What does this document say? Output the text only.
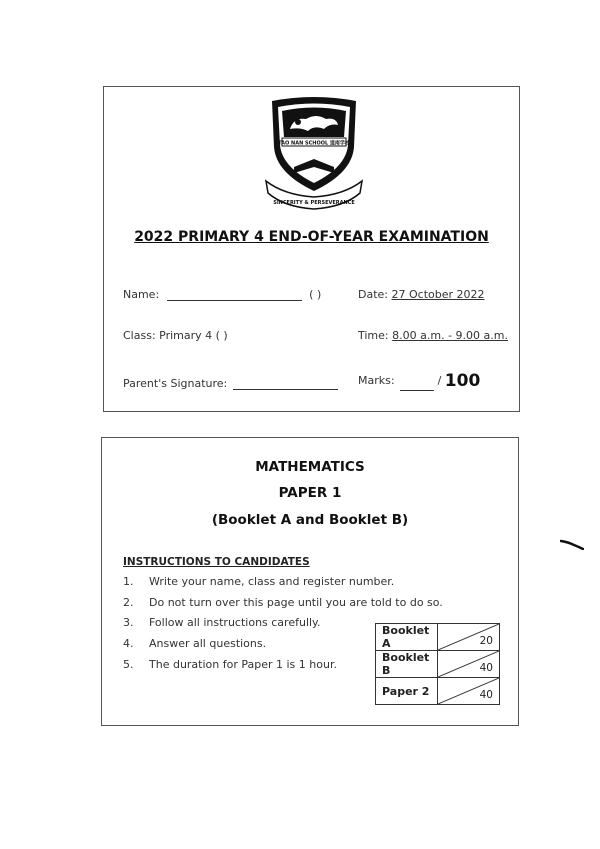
TAO NAN SCHOOL 道南学校
SINCERITY & PERSEVERANCE
2022 PRIMARY 4 END-OF-YEAR EXAMINATION
Name:	( )	Date: 27 October 2022
Class: Primary 4 ( )	Time: 8.00 a.m. - 9.00 a.m.
Parent's Signature:	Marks:	/ 100
MATHEMATICS
PAPER 1
(Booklet A and Booklet B)
INSTRUCTIONS TO CANDIDATES
1. Write your name, class and register number.
2. Do not turn over this page until you are told to do so.
3. Follow all instructions carefully.
4. Answer all questions.
5. The duration for Paper 1 is 1 hour.
Booklet A	20

Booklet B	40

Paper 2	40
